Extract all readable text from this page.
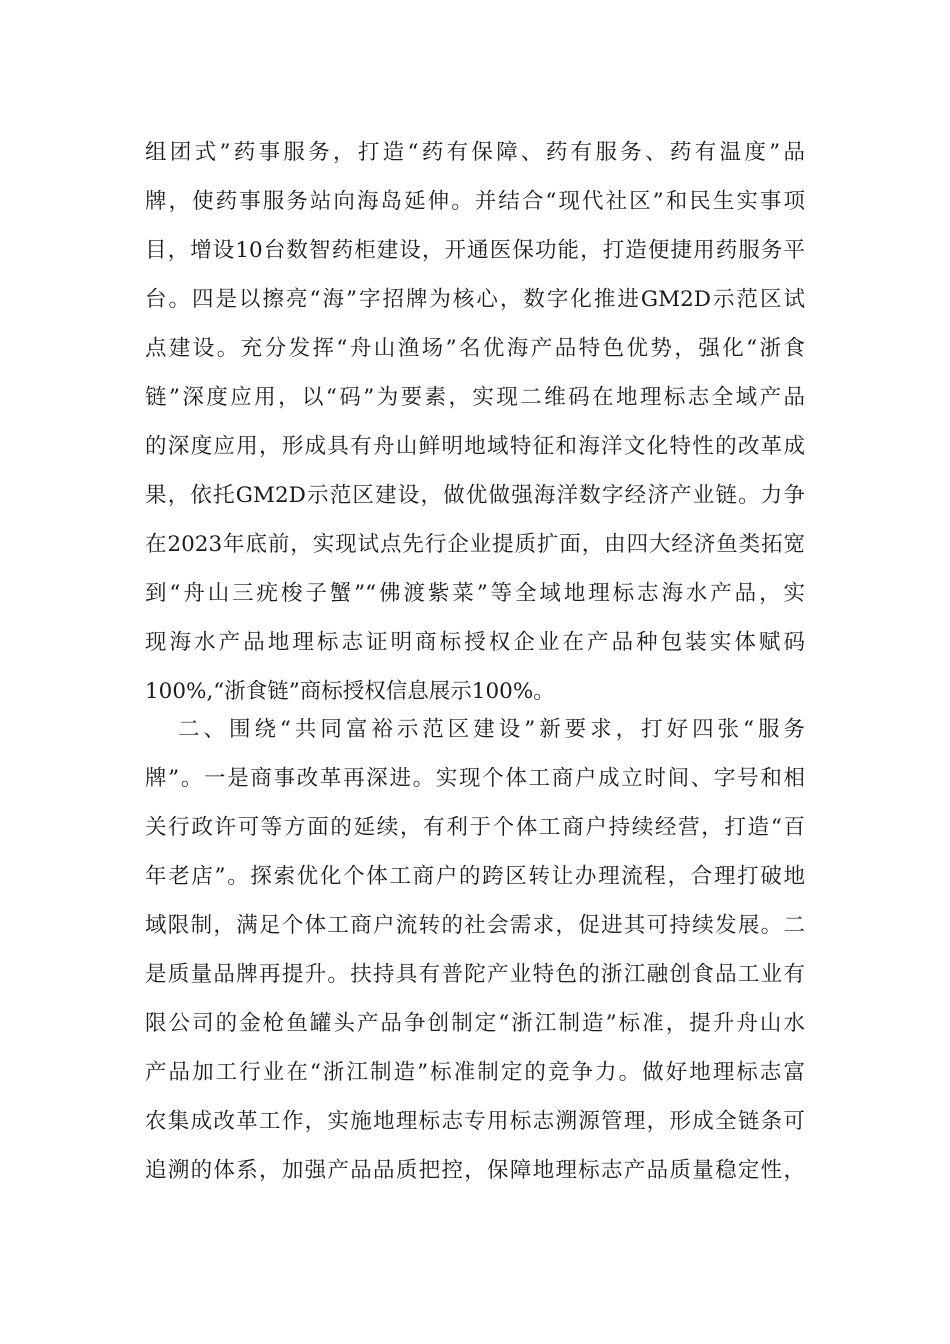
组团式”药事服务，打造“药有保障、药有服务、药有温度”品
牌，使药事服务站向海岛延伸。并结合“现代社区”和民生实事项
目，增设10台数智药柜建设，开通医保功能，打造便捷用药服务平
台。四是以擦亮“海”字招牌为核心，数字化推进GM2D示范区试
点建设。充分发挥“舟山渔场”名优海产品特色优势，强化“浙食
链”深度应用，以“码”为要素，实现二维码在地理标志全域产品
的深度应用，形成具有舟山鲜明地域特征和海洋文化特性的改革成
果，依托GM2D示范区建设，做优做强海洋数字经济产业链。力争
在2023年底前，实现试点先行企业提质扩面，由四大经济鱼类拓宽
到“舟山三疣梭子蟹”“佛渡紫菜”等全域地理标志海水产品，实
现海水产品地理标志证明商标授权企业在产品种包装实体赋码
100%,“浙食链”商标授权信息展示100%。
二、围绕“共同富裕示范区建设”新要求，打好四张“服务
牌”。一是商事改革再深进。实现个体工商户成立时间、字号和相
关行政许可等方面的延续，有利于个体工商户持续经营，打造“百
年老店”。探索优化个体工商户的跨区转让办理流程，合理打破地
域限制，满足个体工商户流转的社会需求，促进其可持续发展。二
是质量品牌再提升。扶持具有普陀产业特色的浙江融创食品工业有
限公司的金枪鱼罐头产品争创制定“浙江制造”标准，提升舟山水
产品加工行业在“浙江制造”标准制定的竞争力。做好地理标志富
农集成改革工作，实施地理标志专用标志溯源管理，形成全链条可
追溯的体系，加强产品品质把控，保障地理标志产品质量稳定性，
